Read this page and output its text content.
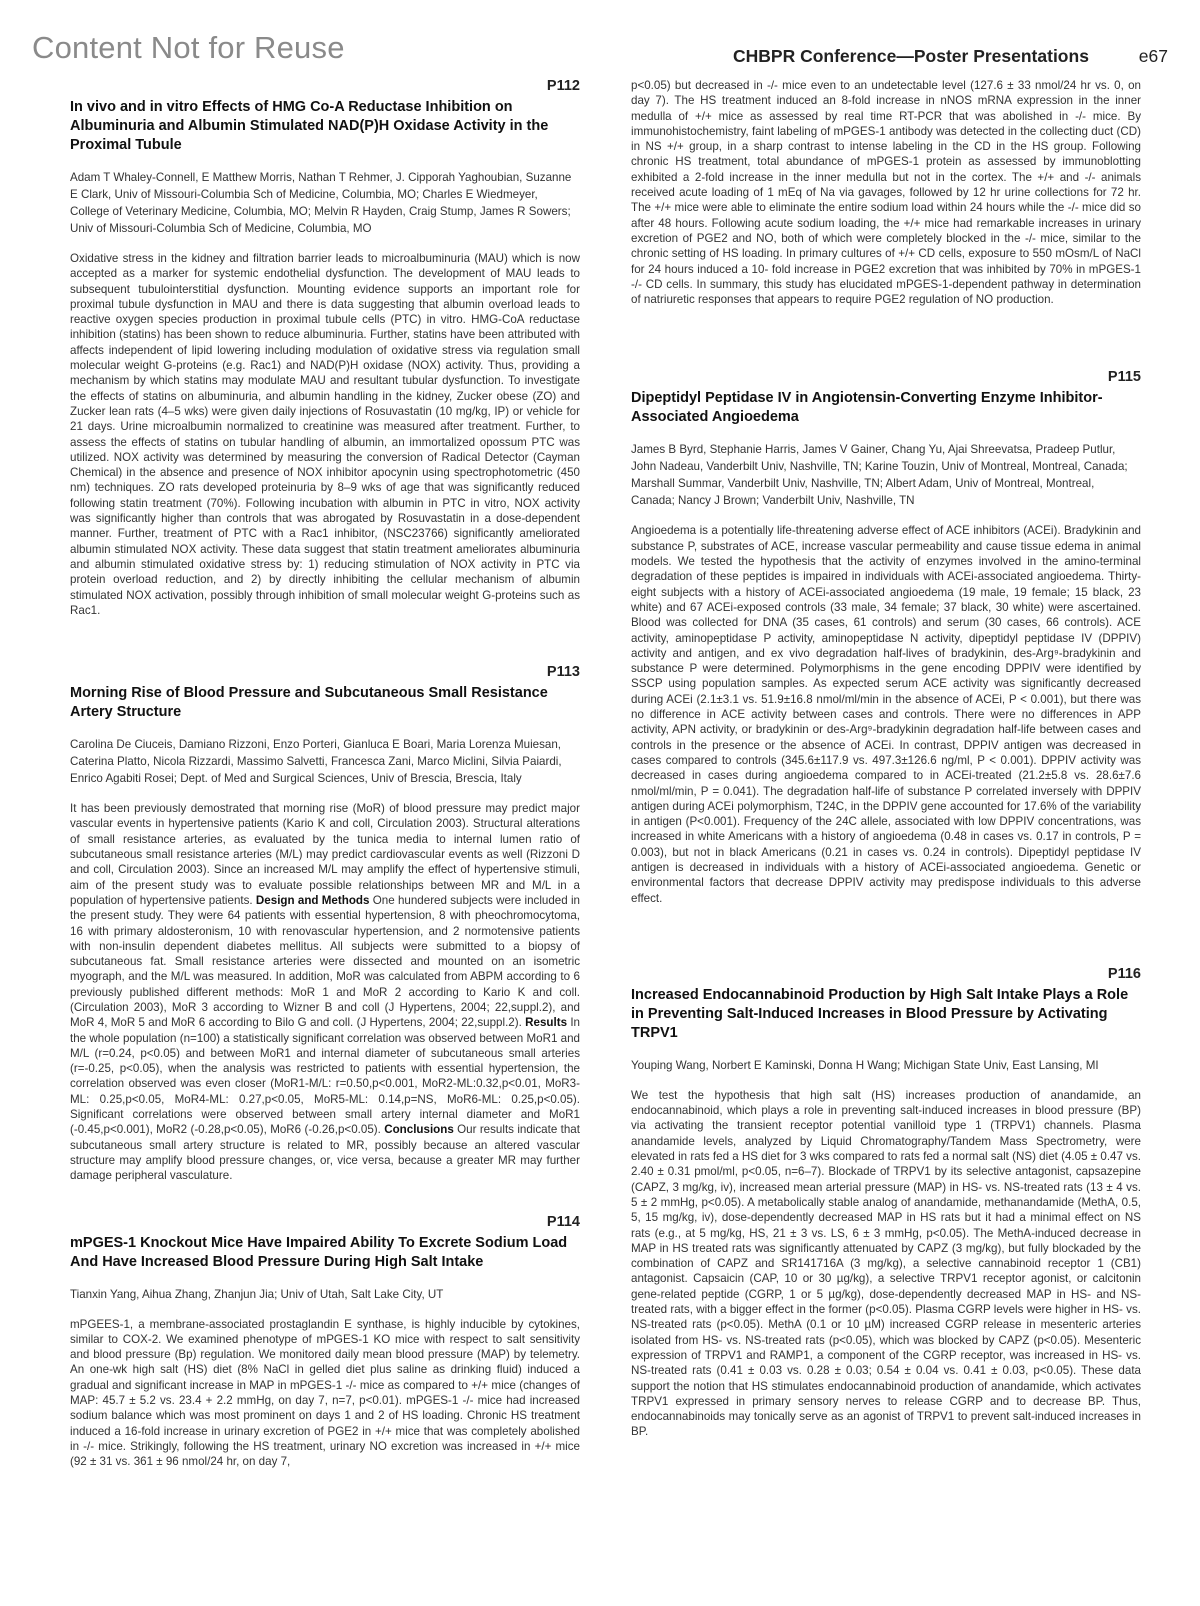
Content Not for Reuse	CHBPR Conference—Poster Presentations	e67
P112
In vivo and in vitro Effects of HMG Co-A Reductase Inhibition on Albuminuria and Albumin Stimulated NAD(P)H Oxidase Activity in the Proximal Tubule
Adam T Whaley-Connell, E Matthew Morris, Nathan T Rehmer, J. Cipporah Yaghoubian, Suzanne E Clark, Univ of Missouri-Columbia Sch of Medicine, Columbia, MO; Charles E Wiedmeyer, College of Veterinary Medicine, Columbia, MO; Melvin R Hayden, Craig Stump, James R Sowers; Univ of Missouri-Columbia Sch of Medicine, Columbia, MO

Oxidative stress in the kidney and filtration barrier leads to microalbuminuria (MAU) which is now accepted as a marker for systemic endothelial dysfunction. The development of MAU leads to subsequent tubulointerstitial dysfunction. Mounting evidence supports an important role for proximal tubule dysfunction in MAU and there is data suggesting that albumin overload leads to reactive oxygen species production in proximal tubule cells (PTC) in vitro. HMG-CoA reductase inhibition (statins) has been shown to reduce albuminuria. Further, statins have been attributed with affects independent of lipid lowering including modulation of oxidative stress via regulation small molecular weight G-proteins (e.g. Rac1) and NAD(P)H oxidase (NOX) activity. Thus, providing a mechanism by which statins may modulate MAU and resultant tubular dysfunction. To investigate the effects of statins on albuminuria, and albumin handling in the kidney, Zucker obese (ZO) and Zucker lean rats (4–5 wks) were given daily injections of Rosuvastatin (10 mg/kg, IP) or vehicle for 21 days. Urine microalbumin normalized to creatinine was measured after treatment. Further, to assess the effects of statins on tubular handling of albumin, an immortalized opossum PTC was utilized. NOX activity was determined by measuring the conversion of Radical Detector (Cayman Chemical) in the absence and presence of NOX inhibitor apocynin using spectrophotometric (450 nm) techniques. ZO rats developed proteinuria by 8–9 wks of age that was significantly reduced following statin treatment (70%). Following incubation with albumin in PTC in vitro, NOX activity was significantly higher than controls that was abrogated by Rosuvastatin in a dose-dependent manner. Further, treatment of PTC with a Rac1 inhibitor, (NSC23766) significantly ameliorated albumin stimulated NOX activity. These data suggest that statin treatment ameliorates albuminuria and albumin stimulated oxidative stress by: 1) reducing stimulation of NOX activity in PTC via protein overload reduction, and 2) by directly inhibiting the cellular mechanism of albumin stimulated NOX activation, possibly through inhibition of small molecular weight G-proteins such as Rac1.

P113
Morning Rise of Blood Pressure and Subcutaneous Small Resistance Artery Structure
Carolina De Ciuceis, Damiano Rizzoni, Enzo Porteri, Gianluca E Boari, Maria Lorenza Muiesan, Caterina Platto, Nicola Rizzardi, Massimo Salvetti, Francesca Zani, Marco Miclini, Silvia Paiardi, Enrico Agabiti Rosei; Dept. of Med and Surgical Sciences, Univ of Brescia, Brescia, Italy

It has been previously demostrated that morning rise (MoR) of blood pressure may predict major vascular events in hypertensive patients (Kario K and coll, Circulation 2003). Structural alterations of small resistance arteries, as evaluated by the tunica media to internal lumen ratio of subcutaneous small resistance arteries (M/L) may predict cardiovascular events as well (Rizzoni D and coll, Circulation 2003). Since an increased M/L may amplify the effect of hypertensive stimuli, aim of the present study was to evaluate possible relationships between MR and M/L in a population of hypertensive patients. Design and Methods One hundered subjects were included in the present study. They were 64 patients with essential hypertension, 8 with pheochromocytoma, 16 with primary aldosteronism, 10 with renovascular hypertension, and 2 normotensive patients with non-insulin dependent diabetes mellitus. All subjects were submitted to a biopsy of subcutaneous fat. Small resistance arteries were dissected and mounted on an isometric myograph, and the M/L was measured. In addition, MoR was calculated from ABPM according to 6 previously published different methods: MoR 1 and MoR 2 according to Kario K and coll. (Circulation 2003), MoR 3 according to Wizner B and coll (J Hypertens, 2004; 22,suppl.2), and MoR 4, MoR 5 and MoR 6 according to Bilo G and coll. (J Hypertens, 2004; 22,suppl.2). Results In the whole population (n=100) a statistically significant correlation was observed between MoR1 and M/L (r=0.24, p<0.05) and between MoR1 and internal diameter of subcutaneous small arteries (r=-0.25, p<0.05), when the analysis was restricted to patients with essential hypertension, the correlation observed was even closer (MoR1-M/L: r=0.50,p<0.001, MoR2-ML:0.32,p<0.01, MoR3-ML: 0.25,p<0.05, MoR4-ML: 0.27,p<0.05, MoR5-ML: 0.14,p=NS, MoR6-ML: 0.25,p<0.05). Significant correlations were observed between small artery internal diameter and MoR1 (-0.45,p<0.001), MoR2 (-0.28,p<0.05), MoR6 (-0.26,p<0.05). Conclusions Our results indicate that subcutaneous small artery structure is related to MR, possibly because an altered vascular structure may amplify blood pressure changes, or, vice versa, because a greater MR may further damage peripheral vasculature.

P114
mPGES-1 Knockout Mice Have Impaired Ability To Excrete Sodium Load And Have Increased Blood Pressure During High Salt Intake
Tianxin Yang, Aihua Zhang, Zhanjun Jia; Univ of Utah, Salt Lake City, UT

mPGEES-1, a membrane-associated prostaglandin E synthase, is highly inducible by cytokines, similar to COX-2. We examined phenotype of mPGES-1 KO mice with respect to salt sensitivity and blood pressure (Bp) regulation. We monitored daily mean blood pressure (MAP) by telemetry. An one-wk high salt (HS) diet (8% NaCl in gelled diet plus saline as drinking fluid) induced a gradual and significant increase in MAP in mPGES-1 -/- mice as compared to +/+ mice (changes of MAP: 45.7 ± 5.2 vs. 23.4 + 2.2 mmHg, on day 7, n=7, p<0.01). mPGES-1 -/- mice had increased sodium balance which was most prominent on days 1 and 2 of HS loading. Chronic HS treatment induced a 16-fold increase in urinary excretion of PGE2 in +/+ mice that was completely abolished in -/- mice. Strikingly, following the HS treatment, urinary NO excretion was increased in +/+ mice (92 ± 31 vs. 361 ± 96 nmol/24 hr, on day 7,

p<0.05) but decreased in -/- mice even to an undetectable level (127.6 ± 33 nmol/24 hr vs. 0, on day 7). The HS treatment induced an 8-fold increase in nNOS mRNA expression in the inner medulla of +/+ mice as assessed by real time RT-PCR that was abolished in -/- mice. By immunohistochemistry, faint labeling of mPGES-1 antibody was detected in the collecting duct (CD) in NS +/+ group, in a sharp contrast to intense labeling in the CD in the HS group. Following chronic HS treatment, total abundance of mPGES-1 protein as assessed by immunoblotting exhibited a 2-fold increase in the inner medulla but not in the cortex. The +/+ and -/- animals received acute loading of 1 mEq of Na via gavages, followed by 12 hr urine collections for 72 hr. The +/+ mice were able to eliminate the entire sodium load within 24 hours while the -/- mice did so after 48 hours. Following acute sodium loading, the +/+ mice had remarkable increases in urinary excretion of PGE2 and NO, both of which were completely blocked in the -/- mice, similar to the chronic setting of HS loading. In primary cultures of +/+ CD cells, exposure to 550 mOsm/L of NaCl for 24 hours induced a 10- fold increase in PGE2 excretion that was inhibited by 70% in mPGES-1 -/- CD cells. In summary, this study has elucidated mPGES-1-dependent pathway in determination of natriuretic responses that appears to require PGE2 regulation of NO production.

P115
Dipeptidyl Peptidase IV in Angiotensin-Converting Enzyme Inhibitor-Associated Angioedema
James B Byrd, Stephanie Harris, James V Gainer, Chang Yu, Ajai Shreevatsa, Pradeep Putlur, John Nadeau, Vanderbilt Univ, Nashville, TN; Karine Touzin, Univ of Montreal, Montreal, Canada; Marshall Summar, Vanderbilt Univ, Nashville, TN; Albert Adam, Univ of Montreal, Montreal, Canada; Nancy J Brown; Vanderbilt Univ, Nashville, TN

Angioedema is a potentially life-threatening adverse effect of ACE inhibitors (ACEi). Bradykinin and substance P, substrates of ACE, increase vascular permeability and cause tissue edema in animal models. We tested the hypothesis that the activity of enzymes involved in the amino-terminal degradation of these peptides is impaired in individuals with ACEi-associated angioedema. Thirty-eight subjects with a history of ACEi-associated angioedema (19 male, 19 female; 15 black, 23 white) and 67 ACEi-exposed controls (33 male, 34 female; 37 black, 30 white) were ascertained. Blood was collected for DNA (35 cases, 61 controls) and serum (30 cases, 66 controls). ACE activity, aminopeptidase P activity, aminopeptidase N activity, dipeptidyl peptidase IV (DPPIV) activity and antigen, and ex vivo degradation half-lives of bradykinin, des-Arg⁹-bradykinin and substance P were determined. Polymorphisms in the gene encoding DPPIV were identified by SSCP using population samples. As expected serum ACE activity was significantly decreased during ACEi (2.1±3.1 vs. 51.9±16.8 nmol/ml/min in the absence of ACEi, P < 0.001), but there was no difference in ACE activity between cases and controls. There were no differences in APP activity, APN activity, or bradykinin or des-Arg⁹-bradykinin degradation half-life between cases and controls in the presence or the absence of ACEi. In contrast, DPPIV antigen was decreased in cases compared to controls (345.6±117.9 vs. 497.3±126.6 ng/ml, P < 0.001). DPPIV activity was decreased in cases during angioedema compared to in ACEi-treated (21.2±5.8 vs. 28.6±7.6 nmol/ml/min, P = 0.041). The degradation half-life of substance P correlated inversely with DPPIV antigen during ACEi polymorphism, T24C, in the DPPIV gene accounted for 17.6% of the variability in antigen (P<0.001). Frequency of the 24C allele, associated with low DPPIV concentrations, was increased in white Americans with a history of angioedema (0.48 in cases vs. 0.17 in controls, P = 0.003), but not in black Americans (0.21 in cases vs. 0.24 in controls). Dipeptidyl peptidase IV antigen is decreased in individuals with a history of ACEi-associated angioedema. Genetic or environmental factors that decrease DPPIV activity may predispose individuals to this adverse effect.

P116
Increased Endocannabinoid Production by High Salt Intake Plays a Role in Preventing Salt-Induced Increases in Blood Pressure by Activating TRPV1
Youping Wang, Norbert E Kaminski, Donna H Wang; Michigan State Univ, East Lansing, MI

We test the hypothesis that high salt (HS) increases production of anandamide, an endocannabinoid, which plays a role in preventing salt-induced increases in blood pressure (BP) via activating the transient receptor potential vanilloid type 1 (TRPV1) channels. Plasma anandamide levels, analyzed by Liquid Chromatography/Tandem Mass Spectrometry, were elevated in rats fed a HS diet for 3 wks compared to rats fed a normal salt (NS) diet (4.05 ± 0.47 vs. 2.40 ± 0.31 pmol/ml, p<0.05, n=6–7). Blockade of TRPV1 by its selective antagonist, capsazepine (CAPZ, 3 mg/kg, iv), increased mean arterial pressure (MAP) in HS- vs. NS-treated rats (13 ± 4 vs. 5 ± 2 mmHg, p<0.05). A metabolically stable analog of anandamide, methanandamide (MethA, 0.5, 5, 15 mg/kg, iv), dose-dependently decreased MAP in HS rats but it had a minimal effect on NS rats (e.g., at 5 mg/kg, HS, 21 ± 3 vs. LS, 6 ± 3 mmHg, p<0.05). The MethA-induced decrease in MAP in HS treated rats was significantly attenuated by CAPZ (3 mg/kg), but fully blockaded by the combination of CAPZ and SR141716A (3 mg/kg), a selective cannabinoid receptor 1 (CB1) antagonist. Capsaicin (CAP, 10 or 30 µg/kg), a selective TRPV1 receptor agonist, or calcitonin gene-related peptide (CGRP, 1 or 5 µg/kg), dose-dependently decreased MAP in HS- and NS-treated rats, with a bigger effect in the former (p<0.05). Plasma CGRP levels were higher in HS- vs. NS-treated rats (p<0.05). MethA (0.1 or 10 µM) increased CGRP release in mesenteric arteries isolated from HS- vs. NS-treated rats (p<0.05), which was blocked by CAPZ (p<0.05). Mesenteric expression of TRPV1 and RAMP1, a component of the CGRP receptor, was increased in HS- vs. NS-treated rats (0.41 ± 0.03 vs. 0.28 ± 0.03; 0.54 ± 0.04 vs. 0.41 ± 0.03, p<0.05). These data support the notion that HS stimulates endocannabinoid production of anandamide, which activates TRPV1 expressed in primary sensory nerves to release CGRP and to decrease BP. Thus, endocannabinoids may tonically serve as an agonist of TRPV1 to prevent salt-induced increases in BP.
